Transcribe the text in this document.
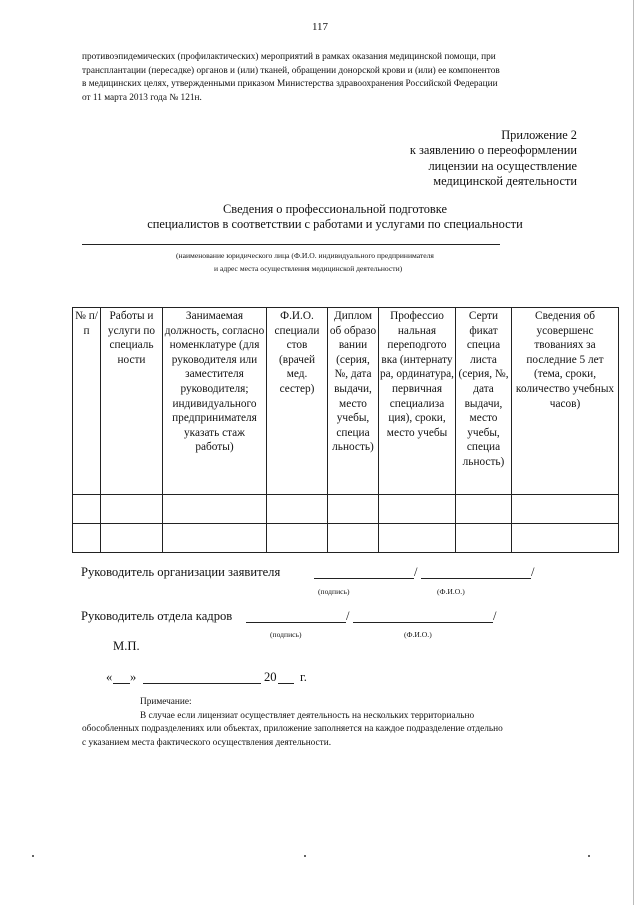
117
противоэпидемических (профилактических) мероприятий в рамках оказания медицинской помощи, при
трансплантации (пересадке) органов и (или) тканей, обращении донорской крови и (или) ее компонентов
в медицинских целях, утвержденными приказом Министерства здравоохранения Российской Федерации
от 11 марта 2013 года № 121н.
Приложение 2
к заявлению о переоформлении
лицензии на осуществление
медицинской деятельности
Сведения о профессиональной подготовке
специалистов в соответствии с работами и услугами по специальности
(наименование юридического лица (Ф.И.О. индивидуального предпринимателя
и адрес места осуществления медицинской деятельности)
№ п/п	Работы и услуги по специаль ности	Занимаемая должность, согласно номенклатуре (для руководителя или заместителя руководителя; индивидуального предпринимателя указать стаж работы)	Ф.И.О. специали стов (врачей мед. сестер)	Диплом об образо вании (серия, №, дата выдачи, место учебы, специа льность)	Профессио нальная переподгото вка (интернату ра, ординатура, первичная специализа ция), сроки, место учебы	Серти фикат специа листа (серия, №, дата выдачи, место учебы, специа льность)	Сведения об усовершенс твованиях за последние 5 лет (тема, сроки, количество учебных часов)

Руководитель организации заявителя	/	/
(подпись)	(Ф.И.О.)
Руководитель отдела кадров	/	/
(подпись)	(Ф.И.О.)
М.П.
« »	20 г.
Примечание:
В случае если лицензиат осуществляет деятельность на нескольких территориально
обособленных подразделениях или объектах, приложение заполняется на каждое подразделение отдельно
с указанием места фактического осуществления деятельности.
